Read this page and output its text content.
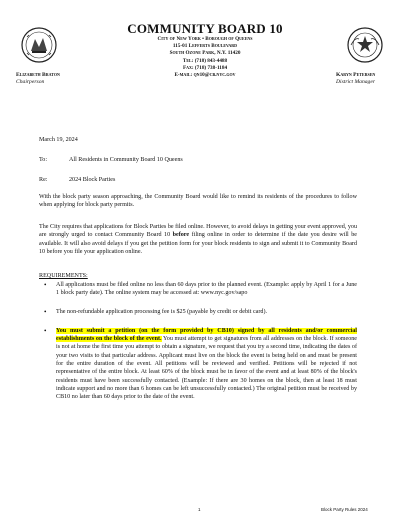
COMMUNITY BOARD 10
City of New York • Borough of Queens
115-01 Lefferts Boulevard
South Ozone Park, N.Y. 11420
Tel: (718) 843-4488
Fax: (718) 738-1184
E-mail: qn10@cb.nyc.gov
Elizabeth Braton
Chairperson
Karyn Petersen
District Manager
March 19, 2024
To:	All Residents in Community Board 10 Queens
Re:	2024 Block Parties
With the block party season approaching, the Community Board would like to remind its residents of the procedures to follow when applying for block party permits.
The City requires that applications for Block Parties be filed online. However, to avoid delays in getting your event approved, you are strongly urged to contact Community Board 10 before filing online in order to determine if the date you desire will be available. It will also avoid delays if you get the petition form for your block residents to sign and submit it to Community Board 10 before you file your application online.
REQUIREMENTS:
• All applications must be filed online no less than 60 days prior to the planned event. (Example: apply by April 1 for a June 1 block party date). The online system may be accessed at: www.nyc.gov/sapo
• The non-refundable application processing fee is $25 (payable by credit or debit card).
• You must submit a petition (on the form provided by CB10) signed by all residents and/or commercial establishments on the block of the event. You must attempt to get signatures from all addresses on the block. If someone is not at home the first time you attempt to obtain a signature, we request that you try a second time, indicating the dates of your two visits to that particular address. Applicant must live on the block the event is being held on and must be present for the entire duration of the event. All petitions will be reviewed and verified. Petitions will be rejected if not representative of the entire block. At least 60% of the block must be in favor of the event and at least 80% of the block's residents must have been successfully contacted. (Example: If there are 30 homes on the block, then at least 18 must indicate support and no more than 6 homes can be left unsuccessfully contacted.) The original petition must be received by CB10 no later than 60 days prior to the date of the event.
1	Block Party Rules 2024
